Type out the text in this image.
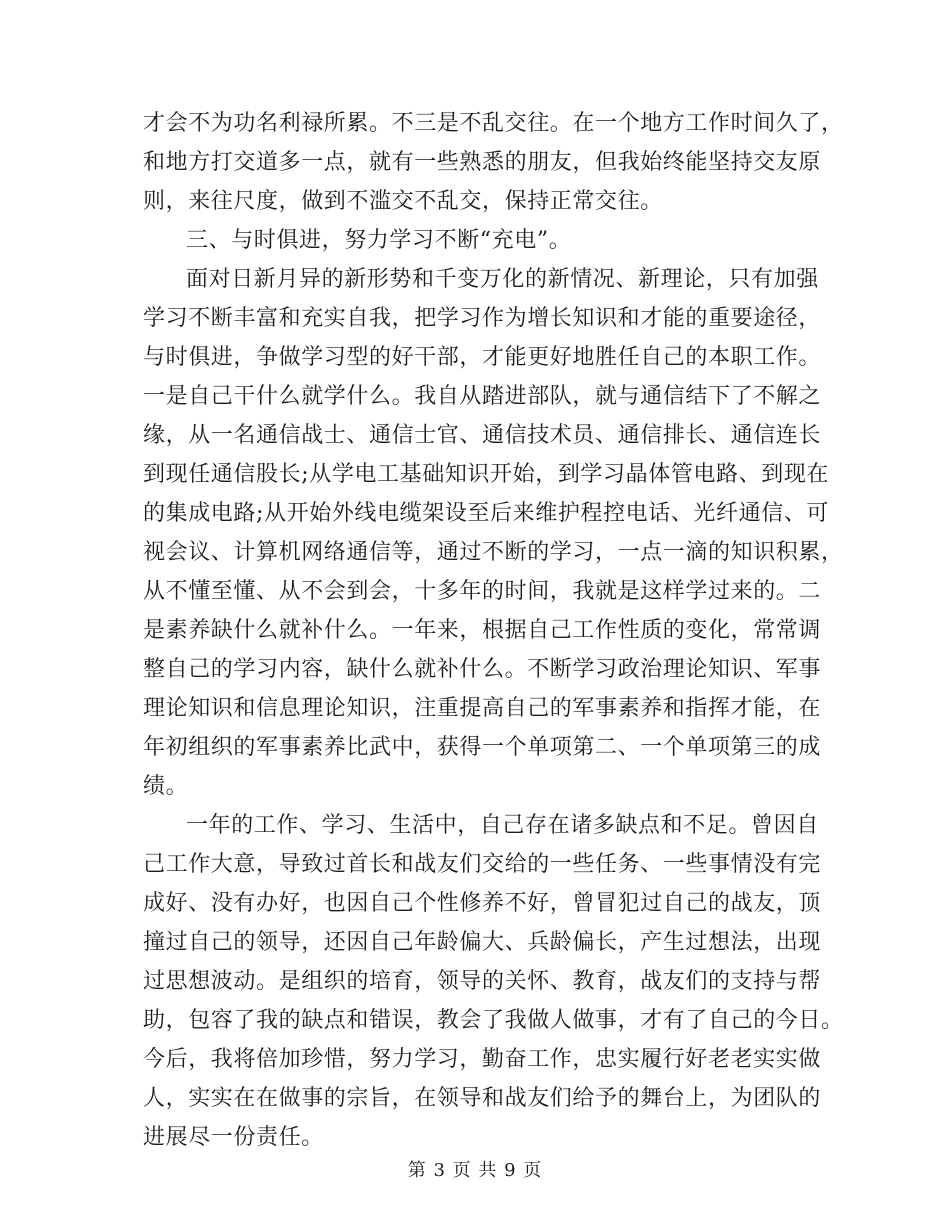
才会不为功名利禄所累。不三是不乱交往。在一个地方工作时间久了，
和地方打交道多一点，就有一些熟悉的朋友，但我始终能坚持交友原
则，来往尺度，做到不滥交不乱交，保持正常交往。
三、与时俱进，努力学习不断“充电”。
面对日新月异的新形势和千变万化的新情况、新理论，只有加强
学习不断丰富和充实自我，把学习作为增长知识和才能的重要途径，
与时俱进，争做学习型的好干部，才能更好地胜任自己的本职工作。
一是自己干什么就学什么。我自从踏进部队，就与通信结下了不解之
缘，从一名通信战士、通信士官、通信技术员、通信排长、通信连长
到现任通信股长;从学电工基础知识开始，到学习晶体管电路、到现在
的集成电路;从开始外线电缆架设至后来维护程控电话、光纤通信、可
视会议、计算机网络通信等，通过不断的学习，一点一滴的知识积累，
从不懂至懂、从不会到会，十多年的时间，我就是这样学过来的。二
是素养缺什么就补什么。一年来，根据自己工作性质的变化，常常调
整自己的学习内容，缺什么就补什么。不断学习政治理论知识、军事
理论知识和信息理论知识，注重提高自己的军事素养和指挥才能，在
年初组织的军事素养比武中，获得一个单项第二、一个单项第三的成
绩。
一年的工作、学习、生活中，自己存在诸多缺点和不足。曾因自
己工作大意，导致过首长和战友们交给的一些任务、一些事情没有完
成好、没有办好，也因自己个性修养不好，曾冒犯过自己的战友，顶
撞过自己的领导，还因自己年龄偏大、兵龄偏长，产生过想法，出现
过思想波动。是组织的培育，领导的关怀、教育，战友们的支持与帮
助，包容了我的缺点和错误，教会了我做人做事，才有了自己的今日。
今后，我将倍加珍惜，努力学习，勤奋工作，忠实履行好老老实实做
人，实实在在做事的宗旨，在领导和战友们给予的舞台上，为团队的
进展尽一份责任。
第 3 页 共 9 页
